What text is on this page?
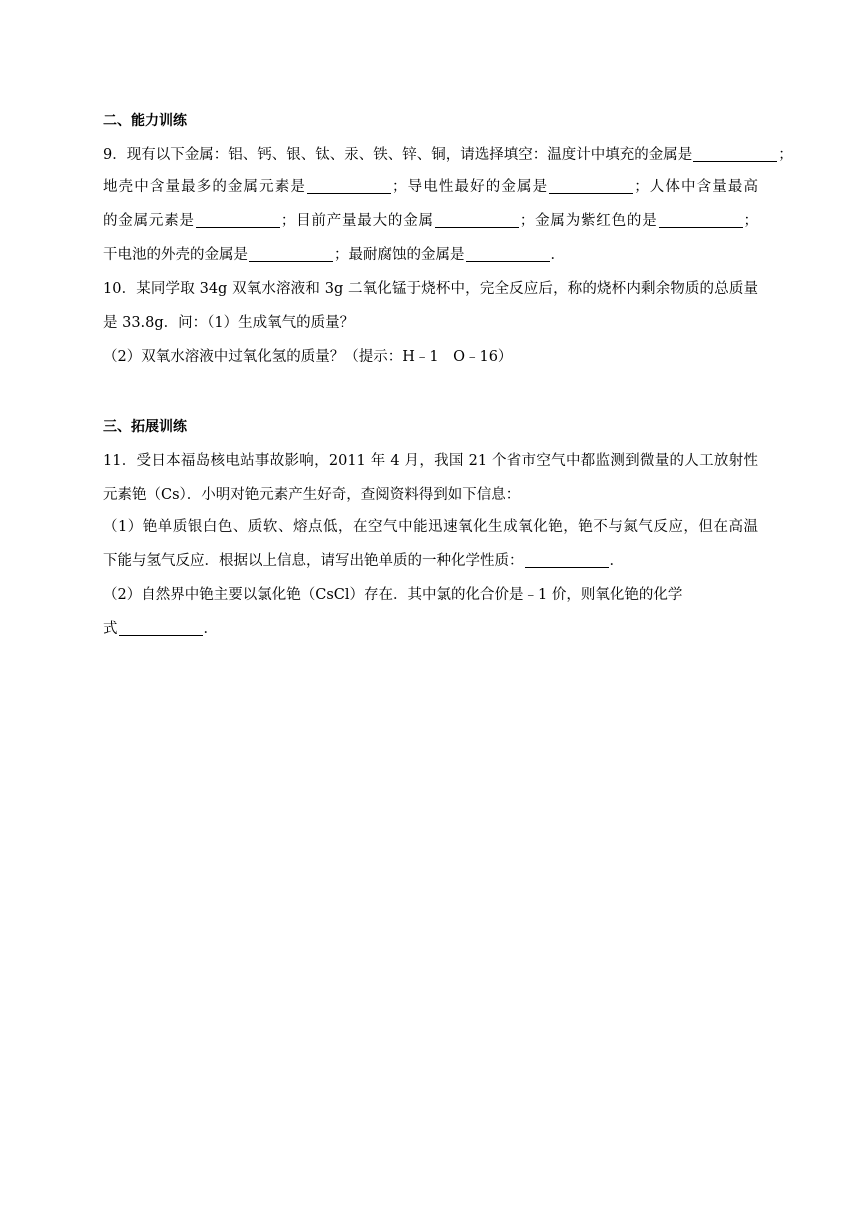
二、能力训练
9．现有以下金属：铝、钙、银、钛、汞、铁、锌、铜，请选择填空：温度计中填充的金属是	；
地壳中含量最多的金属元素是	；导电性最好的金属是	；人体中含量最高
的金属元素是	；目前产量最大的金属	；金属为紫红色的是	；
干电池的外壳的金属是	；最耐腐蚀的金属是	．
10．某同学取 34g 双氧水溶液和 3g 二氧化锰于烧杯中，完全反应后，称的烧杯内剩余物质的总质量
是 33.8g．问：（1）生成氧气的质量？
（2）双氧水溶液中过氧化氢的质量？（提示：H﹣1　O﹣16）
三、拓展训练
11．受日本福岛核电站事故影响，2011 年 4 月，我国 21 个省市空气中都监测到微量的人工放射性
元素铯（Cs）．小明对铯元素产生好奇，查阅资料得到如下信息：
（1）铯单质银白色、质软、熔点低，在空气中能迅速氧化生成氧化铯，铯不与氮气反应，但在高温
下能与氢气反应．根据以上信息，请写出铯单质的一种化学性质：	．
（2）自然界中铯主要以氯化铯（CsCl）存在．其中氯的化合价是﹣1 价，则氧化铯的化学
式	．
